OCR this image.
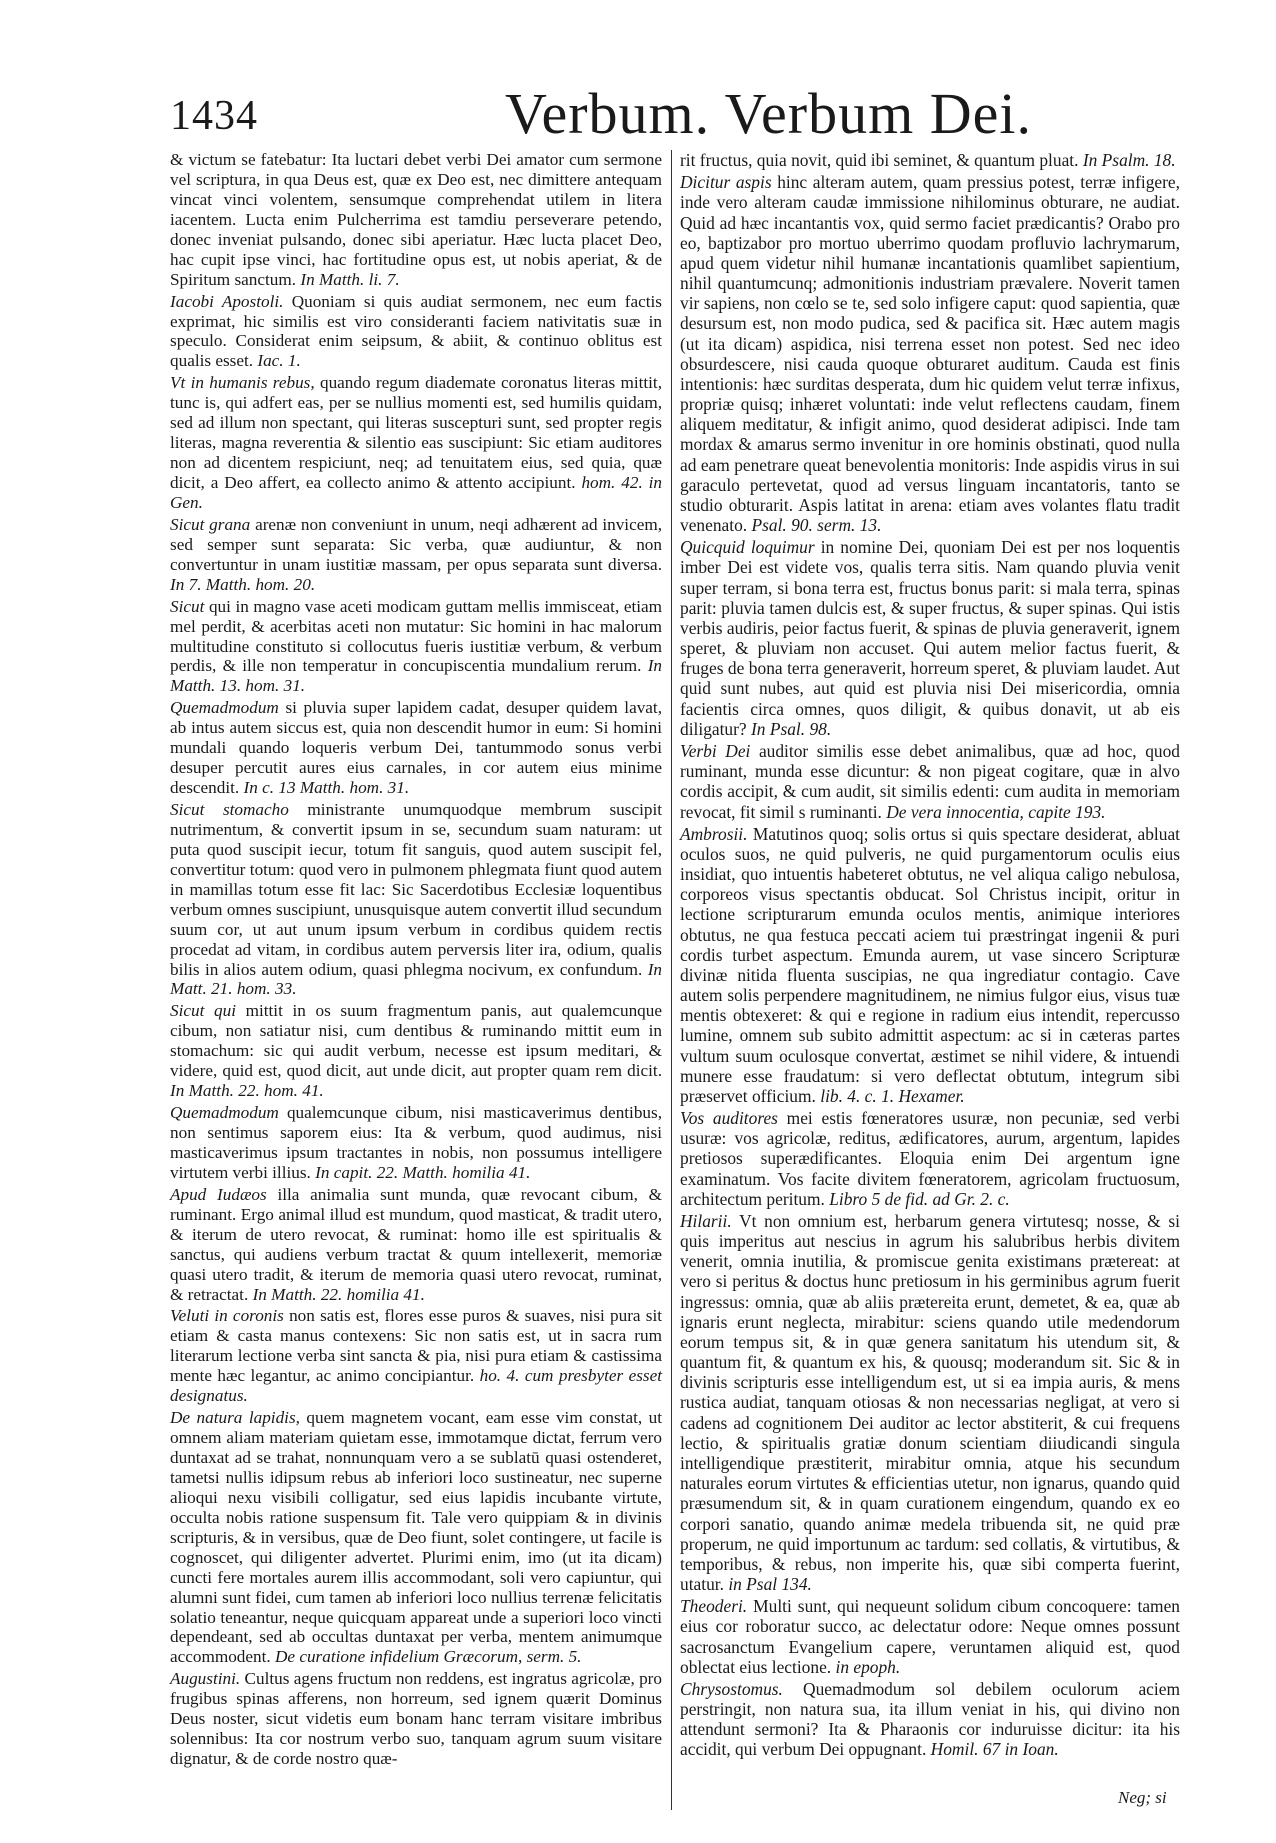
1434	Verbum. Verbum Dei.

& victum se fatebatur: Ita luctari debet verbi Dei amator cum sermone vel scriptura, in qua Deus est, quæ ex Deo est, nec dimittere antequam vincat vinci volentem, sensumque comprehendat utilem in litera iacentem. Lucta enim Pulcherrima est tamdiu perseverare petendo, donec inveniat pulsando, donec sibi aperiatur. Hæc lucta placet Deo, hac cupit ipse vinci, hac fortitudine opus est, ut nobis aperiat, & de Spiritum sanctum. In Matth. li. 7.

Iacobi Apostoli. Quoniam si quis audiat sermonem, nec eum factis exprimat, hic similis est viro consideranti faciem nativitatis suæ in speculo. Considerat enim seipsum, & abiit, & continuo oblitus est qualis esset. Iac. 1.

Vt in humanis rebus, quando regum diademate coronatus literas mittit, tunc is, qui adfert eas, per se nullius momenti est, sed humilis quidam, sed ad illum non spectant, qui literas suscepturi sunt, sed propter regis literas, magna reverentia & silentio eas suscipiunt: Sic etiam auditores non ad dicentem respiciunt, neq; ad tenuitatem eius, sed quia, quæ dicit, a Deo affert, ea collecto animo & attento accipiunt. hom. 42. in Gen.

Sicut grana arenæ non conveniunt in unum, neqi adhærent ad invicem, sed semper sunt separata: Sic verba, quæ audiuntur, & non convertuntur in unam iustitiæ massam, per opus separata sunt diversa. In 7. Matth. hom. 20.

Sicut qui in magno vase aceti modicam guttam mellis immisceat, etiam mel perdit, & acerbitas aceti non mutatur: Sic homini in hac malorum multitudine constituto si collocutus fueris iustitiæ verbum, & verbum perdis, & ille non temperatur in concupiscentia mundalium rerum. In Matth. 13. hom. 31.

Quemadmodum si pluvia super lapidem cadat, desuper quidem lavat, ab intus autem siccus est, quia non descendit humor in eum: Si homini mundali quando loqueris verbum Dei, tantummodo sonus verbi desuper percutit aures eius carnales, in cor autem eius minime descendit. In c. 13 Matth. hom. 31.

Sicut stomacho ministrante unumquodque membrum suscipit nutrimentum, & convertit ipsum in se, secundum suam naturam: ut puta quod suscipit iecur, totum fit sanguis, quod autem suscipit fel, convertitur totum: quod vero in pulmonem phlegmata fiunt quod autem in mamillas totum esse fit lac: Sic Sacerdotibus Ecclesiæ loquentibus verbum omnes suscipiunt, unusquisque autem convertit illud secundum suum cor, ut aut unum ipsum verbum in cordibus quidem rectis procedat ad vitam, in cordibus autem perversis liter ira, odium, qualis bilis in alios autem odium, quasi phlegma nocivum, ex confundum. In Matt. 21. hom. 33.

Sicut qui mittit in os suum fragmentum panis, aut qualemcunque cibum, non satiatur nisi, cum dentibus & ruminando mittit eum in stomachum: sic qui audit verbum, necesse est ipsum meditari, & videre, quid est, quod dicit, aut unde dicit, aut propter quam rem dicit. In Matth. 22. hom. 41.

Quemadmodum qualemcunque cibum, nisi masticaverimus dentibus, non sentimus saporem eius: Ita & verbum, quod audimus, nisi masticaverimus ipsum tractantes in nobis, non possumus intelligere virtutem verbi illius. In capit. 22. Matth. homilia 41.

Apud Iudæos illa animalia sunt munda, quæ revocant cibum, & ruminant. Ergo animal illud est mundum, quod masticat, & tradit utero, & iterum de utero revocat, & ruminat: homo ille est spiritualis & sanctus, qui audiens verbum tractat & quum intellexerit, memoriæ quasi utero tradit, & iterum de memoria quasi utero revocat, ruminat, & retractat. In Matth. 22. homilia 41.

Veluti in coronis non satis est, flores esse puros & suaves, nisi pura sit etiam & casta manus contexens: Sic non satis est, ut in sacra rum literarum lectione verba sint sancta & pia, nisi pura etiam & castissima mente hæc legantur, ac animo concipiantur. ho. 4. cum presbyter esset designatus.

De natura lapidis, quem magnetem vocant, eam esse vim constat, ut omnem aliam materiam quietam esse, immotamque dictat, ferrum vero duntaxat ad se trahat, nonnunquam vero a se sublatū quasi ostenderet, tametsi nullis idipsum rebus ab inferiori loco sustineatur, nec superne alioqui nexu visibili colligatur, sed eius lapidis incubante virtute, occulta nobis ratione suspensum fit. Tale vero quippiam & in divinis scripturis, & in versibus, quæ de Deo fiunt, solet contingere, ut facile is cognoscet, qui diligenter advertet. Plurimi enim, imo (ut ita dicam) cuncti fere mortales aurem illis accommodant, soli vero capiuntur, qui alumni sunt fidei, cum tamen ab inferiori loco nullius terrenæ felicitatis solatio teneantur, neque quicquam appareat unde a superiori loco vincti dependeant, sed ab occultas duntaxat per verba, mentem animumque accommodent. De curatione infidelium Græcorum, serm. 5.

Augustini. Cultus agens fructum non reddens, est ingratus agricolæ, pro frugibus spinas afferens, non horreum, sed ignem quærit Dominus Deus noster, sicut videtis eum bonam hanc terram visitare imbribus solennibus: Ita cor nostrum verbo suo, tanquam agrum suum visitare dignatur, & de corde nostro quæ-

rit fructus, quia novit, quid ibi seminet, & quantum pluat. In Psalm. 18.

Dicitur aspis hinc alteram autem, quam pressius potest, terræ infigere, inde vero alteram caudæ immissione nihilominus obturare, ne audiat. Quid ad hæc incantantis vox, quid sermo faciet prædicantis? Orabo pro eo, baptizabor pro mortuo uberrimo quodam profluvio lachrymarum, apud quem videtur nihil humanæ incantationis quamlibet sapientium, nihil quantumcunq; admonitionis industriam prævalere. Noverit tamen vir sapiens, non cœlo se te, sed solo infigere caput: quod sapientia, quæ desursum est, non modo pudica, sed & pacifica sit. Hæc autem magis (ut ita dicam) aspidica, nisi terrena esset non potest. Sed nec ideo obsurdescere, nisi cauda quoque obturaret auditum. Cauda est finis intentionis: hæc surditas desperata, dum hic quidem velut terræ infixus, propriæ quisq; inhæret voluntati: inde velut reflectens caudam, finem aliquem meditatur, & infigit animo, quod desiderat adipisci. Inde tam mordax & amarus sermo invenitur in ore hominis obstinati, quod nulla ad eam penetrare queat benevolentia monitoris: Inde aspidis virus in sui garaculo pertevetat, quod ad versus linguam incantatoris, tanto se studio obturarit. Aspis latitat in arena: etiam aves volantes flatu tradit venenato. Psal. 90. serm. 13.

Quicquid loquimur in nomine Dei, quoniam Dei est per nos loquentis imber Dei est videte vos, qualis terra sitis. Nam quando pluvia venit super terram, si bona terra est, fructus bonus parit: si mala terra, spinas parit: pluvia tamen dulcis est, & super fructus, & super spinas. Qui istis verbis audiris, peior factus fuerit, & spinas de pluvia generaverit, ignem speret, & pluviam non accuset. Qui autem melior factus fuerit, & fruges de bona terra generaverit, horreum speret, & pluviam laudet. Aut quid sunt nubes, aut quid est pluvia nisi Dei misericordia, omnia facientis circa omnes, quos diligit, & quibus donavit, ut ab eis diligatur? In Psal. 98.

Verbi Dei auditor similis esse debet animalibus, quæ ad hoc, quod ruminant, munda esse dicuntur: & non pigeat cogitare, quæ in alvo cordis accipit, & cum audit, sit similis edenti: cum audita in memoriam revocat, fit simil s ruminanti. De vera innocentia, capite 193.

Ambrosii. Matutinos quoq; solis ortus si quis spectare desiderat, abluat oculos suos, ne quid pulveris, ne quid purgamentorum oculis eius insidiat, quo intuentis habeteret obtutus, ne vel aliqua caligo nebulosa, corporeos visus spectantis obducat. Sol Christus incipit, oritur in lectione scripturarum emunda oculos mentis, animique interiores obtutus, ne qua festuca peccati aciem tui præstringat ingenii & puri cordis turbet aspectum. Emunda aurem, ut vase sincero Scripturæ divinæ nitida fluenta suscipias, ne qua ingrediatur contagio. Cave autem solis perpendere magnitudinem, ne nimius fulgor eius, visus tuæ mentis obtexeret: & qui e regione in radium eius intendit, repercusso lumine, omnem sub subito admittit aspectum: ac si in cæteras partes vultum suum oculosque convertat, æstimet se nihil videre, & intuendi munere esse fraudatum: si vero deflectat obtutum, integrum sibi præservet officium. lib. 4. c. 1. Hexamer.

Vos auditores mei estis fœneratores usuræ, non pecuniæ, sed verbi usuræ: vos agricolæ, reditus, ædificatores, aurum, argentum, lapides pretiosos superædificantes. Eloquia enim Dei argentum igne examinatum. Vos facite divitem fœneratorem, agricolam fructuosum, architectum peritum. Libro 5 de fid. ad Gr. 2. c.

Hilarii. Vt non omnium est, herbarum genera virtutesq; nosse, & si quis imperitus aut nescius in agrum his salubribus herbis divitem venerit, omnia inutilia, & promiscue genita existimans prætereat: at vero si peritus & doctus hunc pretiosum in his germinibus agrum fuerit ingressus: omnia, quæ ab aliis prætereita erunt, demetet, & ea, quæ ab ignaris erunt neglecta, mirabitur: sciens quando utile medendorum eorum tempus sit, & in quæ genera sanitatum his utendum sit, & quantum fit, & quantum ex his, & quousq; moderandum sit. Sic & in divinis scripturis esse intelligendum est, ut si ea impia auris, & mens rustica audiat, tanquam otiosas & non necessarias negligat, at vero si cadens ad cognitionem Dei auditor ac lector abstiterit, & cui frequens lectio, & spiritualis gratiæ donum scientiam diiudicandi singula intelligendique præstiterit, mirabitur omnia, atque his secundum naturales eorum virtutes & efficientias utetur, non ignarus, quando quid præsumendum sit, & in quam curationem eingendum, quando ex eo corpori sanatio, quando animæ medela tribuenda sit, ne quid præ properum, ne quid importunum ac tardum: sed collatis, & virtutibus, & temporibus, & rebus, non imperite his, quæ sibi comperta fuerint, utatur. in Psal 134.

Theoderi. Multi sunt, qui nequeunt solidum cibum concoquere: tamen eius cor roboratur succo, ac delectatur odore: Neque omnes possunt sacrosanctum Evangelium capere, veruntamen aliquid est, quod oblectat eius lectione. in epoph.

Chrysostomus. Quemadmodum sol debilem oculorum aciem perstringit, non natura sua, ita illum veniat in his, qui divino non attendunt sermoni? Ita & Pharaonis cor induruisse dicitur: ita his accidit, qui verbum Dei oppugnant. Homil. 67 in Ioan.

Neg; si
